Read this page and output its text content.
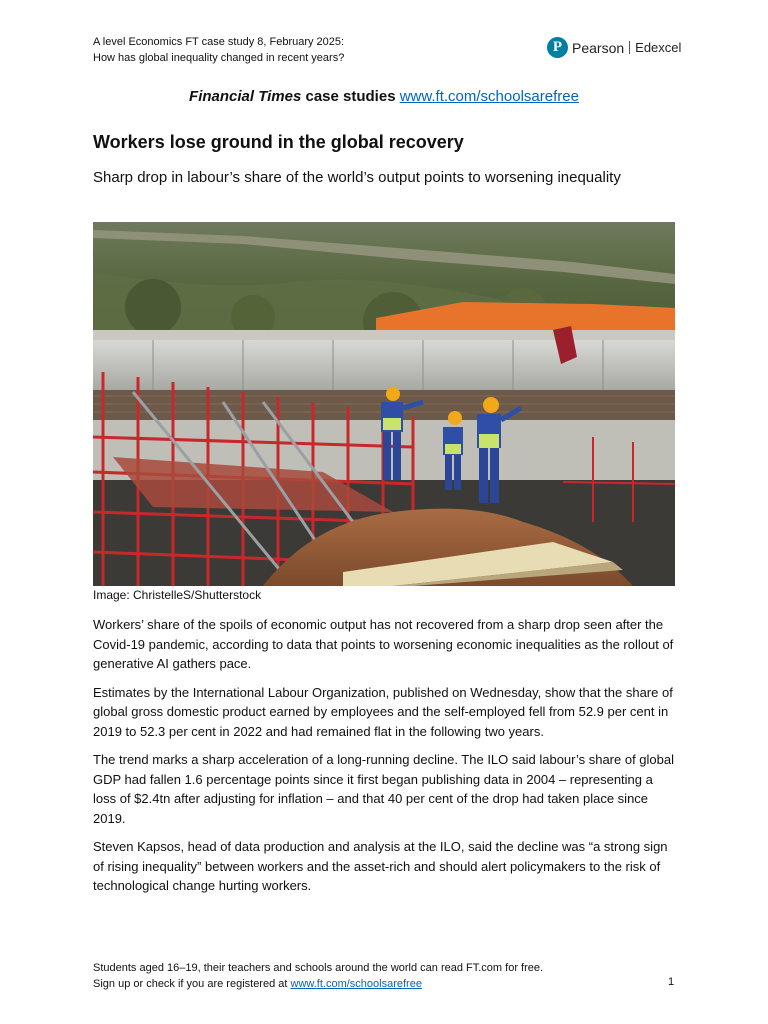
A level Economics FT case study 8, February 2025:
How has global inequality changed in recent years?
P Pearson Edexcel
Financial Times case studies www.ft.com/schoolsarefree
Workers lose ground in the global recovery

Sharp drop in labour’s share of the world’s output points to worsening inequality

Image: ChristelleS/Shutterstock

Workers’ share of the spoils of economic output has not recovered from a sharp drop seen after the Covid-19 pandemic, according to data that points to worsening economic inequalities as the rollout of generative AI gathers pace.

Estimates by the International Labour Organization, published on Wednesday, show that the share of global gross domestic product earned by employees and the self-employed fell from 52.9 per cent in 2019 to 52.3 per cent in 2022 and had remained flat in the following two years.

The trend marks a sharp acceleration of a long-running decline. The ILO said labour’s share of global GDP had fallen 1.6 percentage points since it first began publishing data in 2004 – representing a loss of $2.4tn after adjusting for inflation – and that 40 per cent of the drop had taken place since 2019.

Steven Kapsos, head of data production and analysis at the ILO, said the decline was “a strong sign of rising inequality” between workers and the asset-rich and should alert policymakers to the risk of technological change hurting workers.

Students aged 16–19, their teachers and schools around the world can read FT.com for free.
Sign up or check if you are registered at www.ft.com/schoolsarefree	1
